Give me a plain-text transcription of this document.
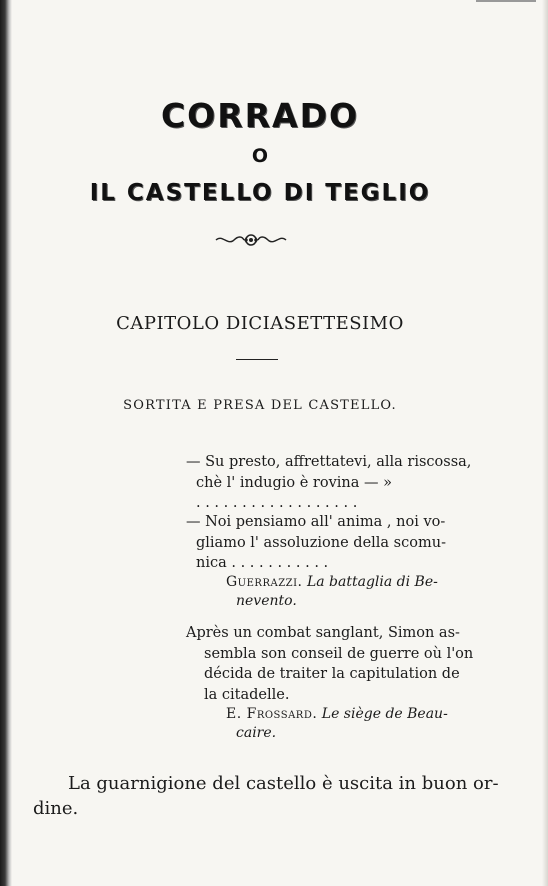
CORRADO
O
IL CASTELLO DI TEGLIO
CAPITOLO DICIASETTESIMO
SORTITA E PRESA DEL CASTELLO.
— Su presto, affrettatevi, alla riscossa,
chè l' indugio è rovina — »
. . . . . . . . . . . . . . . . . .
— Noi pensiamo all' anima , noi vo-
gliamo l' assoluzione della scomu-
nica . . . . . . . . . . .
Guerrazzi. La battaglia di Be-
nevento.
Après un combat sanglant, Simon as-
sembla son conseil de guerre où l'on
décida de traiter la capitulation de
la citadelle.
E. Frossard. Le siège de Beau-
caire.
La guarnigione del castello è uscita in buon or-
dine.
